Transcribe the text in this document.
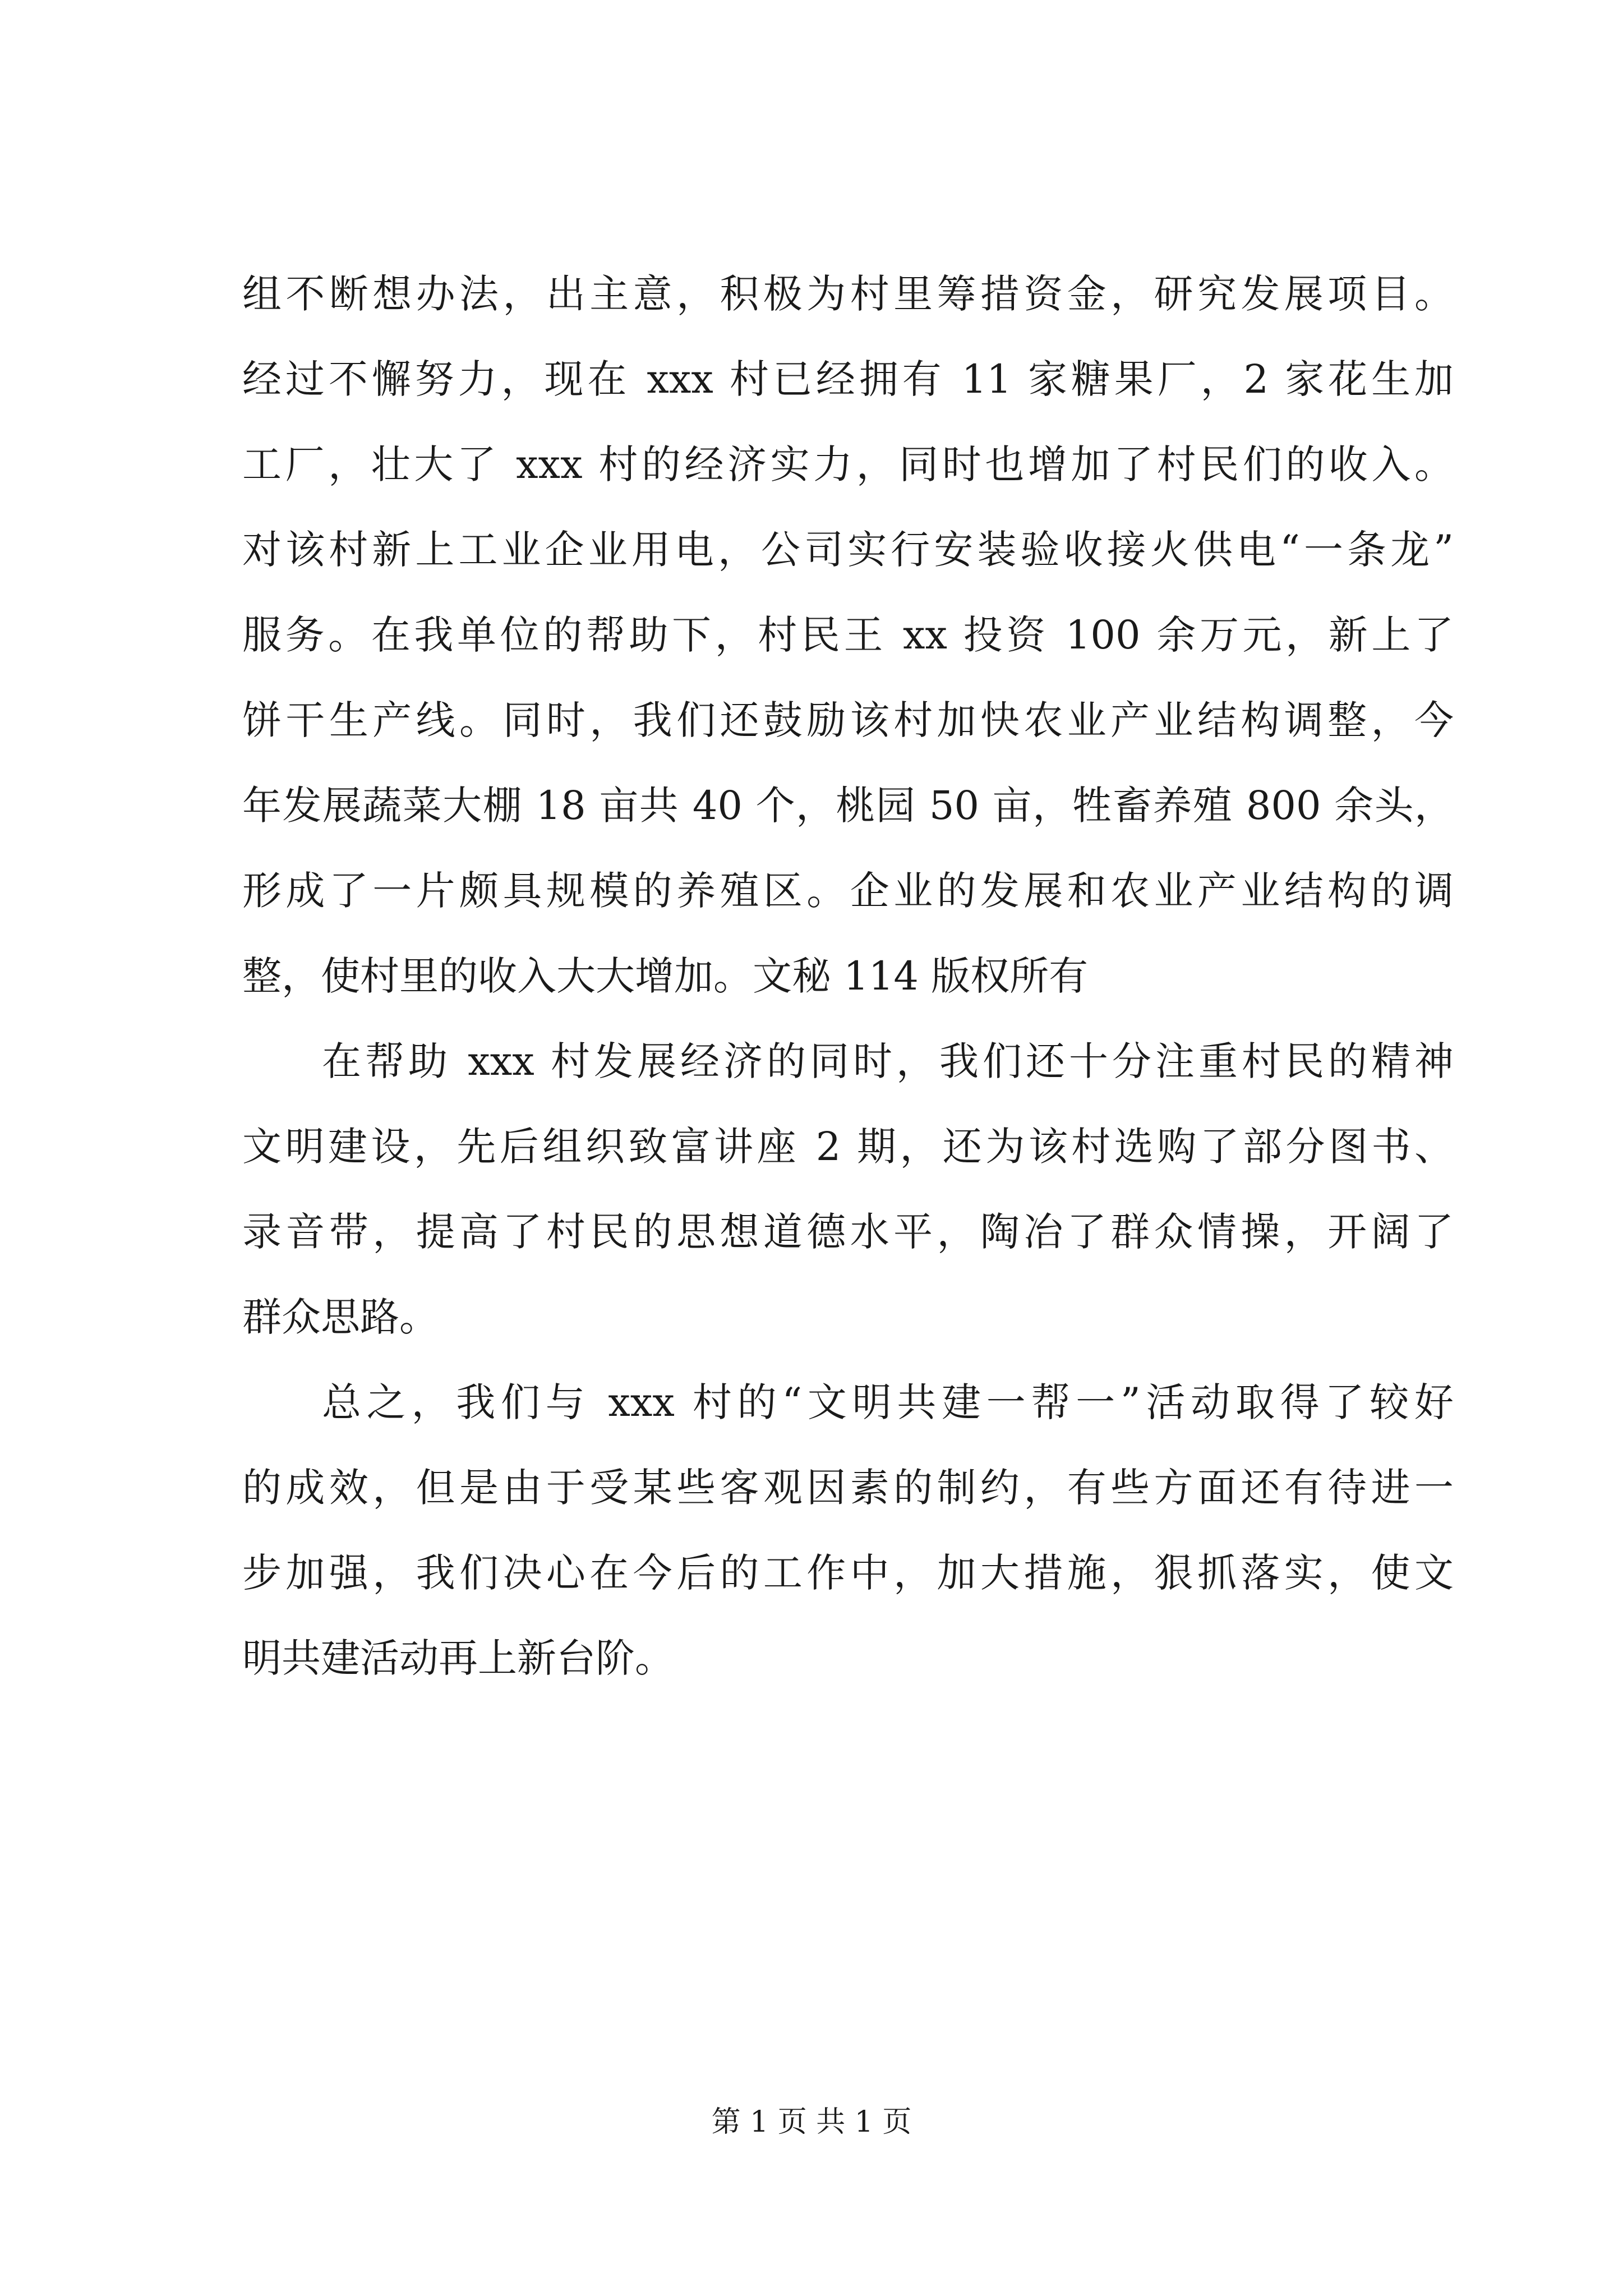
组不断想办法，出主意，积极为村里筹措资金，研究发展项目。
经过不懈努力，现在 xxx 村已经拥有 11 家糖果厂，2 家花生加
工厂，壮大了 xxx 村的经济实力，同时也增加了村民们的收入。
对该村新上工业企业用电，公司实行安装验收接火供电“一条龙”
服务。在我单位的帮助下，村民王 xx 投资 100 余万元，新上了
饼干生产线。同时，我们还鼓励该村加快农业产业结构调整，今
年发展蔬菜大棚 18 亩共 40 个，桃园 50 亩，牲畜养殖 800 余头，
形成了一片颇具规模的养殖区。企业的发展和农业产业结构的调
整，使村里的收入大大增加。文秘 114 版权所有
在帮助 xxx 村发展经济的同时，我们还十分注重村民的精神
文明建设，先后组织致富讲座 2 期，还为该村选购了部分图书、
录音带，提高了村民的思想道德水平，陶冶了群众情操，开阔了
群众思路。
总之，我们与 xxx 村的“文明共建一帮一”活动取得了较好
的成效，但是由于受某些客观因素的制约，有些方面还有待进一
步加强，我们决心在今后的工作中，加大措施，狠抓落实，使文
明共建活动再上新台阶。
第 1 页 共 1 页
